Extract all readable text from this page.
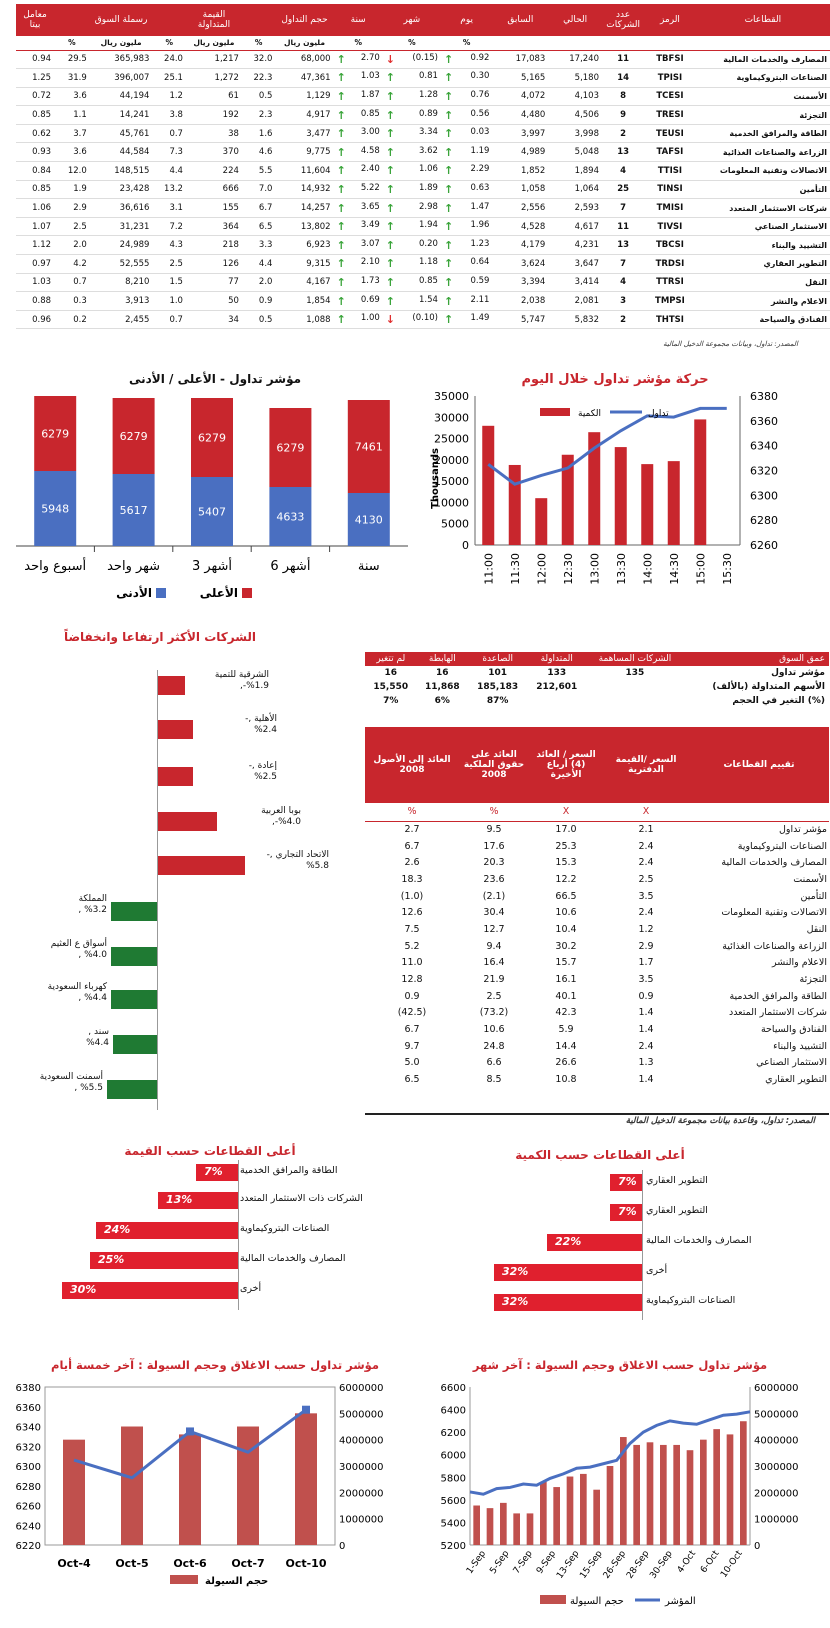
معامل بيتا		رسملة السوق		القيمة المتداولة		حجم التداول	سنة	شهر	يوم	السابق	الحالي	عدد الشركات	الرمز	القطاعات
	%	مليون ريال	%	مليون ريال	%	مليون ريال	%	%	%					
0.94	29.5	365,983	24.0	1,217	32.0	68,000	↑ 2.70	↓ (0.15)	↑ 0.92	17,083	17,240	11	TBFSI	المصارف والخدمات المالية
1.25	31.9	396,007	25.1	1,272	22.3	47,361	↑ 1.03	↑ 0.81	↑ 0.30	5,165	5,180	14	TPISI	الصناعات البتروكيماوية
0.72	3.6	44,194	1.2	61	0.5	1,129	↑ 1.87	↑ 1.28	↑ 0.76	4,072	4,103	8	TCESI	الأسمنت
0.85	1.1	14,241	3.8	192	2.3	4,917	↑ 0.85	↑ 0.89	↑ 0.56	4,480	4,506	9	TRESI	التجزئة
0.62	3.7	45,761	0.7	38	1.6	3,477	↑ 3.00	↑ 3.34	↑ 0.03	3,997	3,998	2	TEUSI	الطاقة والمرافق الخدمية
0.93	3.6	44,584	7.3	370	4.6	9,775	↑ 4.58	↑ 3.62	↑ 1.19	4,989	5,048	13	TAFSI	الزراعة والصناعات الغذائية
0.84	12.0	148,515	4.4	224	5.5	11,604	↑ 2.40	↑ 1.06	↑ 2.29	1,852	1,894	4	TTISI	الاتصالات وتقنية المعلومات
0.85	1.9	23,428	13.2	666	7.0	14,932	↑ 5.22	↑ 1.89	↑ 0.63	1,058	1,064	25	TINSI	التأمين
1.06	2.9	36,616	3.1	155	6.7	14,257	↑ 3.65	↑ 2.98	↑ 1.47	2,556	2,593	7	TMISI	شركات الاستثمار المتعدد
1.07	2.5	31,231	7.2	364	6.5	13,802	↑ 3.49	↑ 1.94	↑ 1.96	4,528	4,617	11	TIVSI	الاستثمار الصناعي
1.12	2.0	24,989	4.3	218	3.3	6,923	↑ 3.07	↑ 0.20	↑ 1.23	4,179	4,231	13	TBCSI	التشييد والبناء
0.97	4.2	52,555	2.5	126	4.4	9,315	↑ 2.10	↑ 1.18	↑ 0.64	3,624	3,647	7	TRDSI	التطوير العقاري
1.03	0.7	8,210	1.5	77	2.0	4,167	↑ 1.73	↑ 0.85	↑ 0.59	3,394	3,414	4	TTRSI	النقل
0.88	0.3	3,913	1.0	50	0.9	1,854	↑ 0.69	↑ 1.54	↑ 2.11	2,038	2,081	3	TMPSI	الاعلام والنشر
0.96	0.2	2,455	0.7	34	0.5	1,088	↑ 1.00	↓ (0.10)	↑ 1.49	5,747	5,832	2	THTSI	الفنادق والسياحة
المصدر: تداول، وبيانات مجموعة الدخيل المالية
حركة مؤشر تداول خلال اليوم
0
5000
10000
15000
20000
25000
30000
35000
6260
6280
6300
6320
6340
6360
6380
11:00 11:30 12:00 12:30 13:00 13:30 14:00 14:30 15:00 15:30
Thousands
الكمية	تداول
مؤشر تداول - الأعلى / الأدنى
6279
5948
أسبوع واحد
6279
5617
شهر واحد
6279
5407
أشهر 3
6279
4633
أشهر 6
7461
4130
سنة
الأعلى
الأدنى
الشركات الأكثر ارتفاعا وانخفاضاً
الشرقية للتمية
%1.9-,
الأهلية ,-
%2.4
إعادة ,-
%2.5
بوبا العربية
%4.0-,
الاتحاد التجاري ,-
%5.8
المملكة
%3.2 ,
أسواق ع العثيم
%4.0 ,
كهرباء السعودية
%4.4 ,
سند ,
%4.4
أسمنت السعودية
%5.5 ,
لم تتغير	الهابطة	الصاعدة	المتداولة	الشركات المساهمة	عمق السوق
16	16	101	133	135	مؤشر تداول
15,550	11,868	185,183	212,601		الأسهم المتداولة (بالألف)
7%	6%	87%			التغير في الحجم (%)
العائد إلى الأصول 2008	العائد على حقوق الملكية 2008	السعر / العائد (4) أرباع الأخيرة	السعر /القيمة الدفترية	تقييم القطاعات
%	%	X	X	
2.7	9.5	17.0	2.1	مؤشر تداول
6.7	17.6	25.3	2.4	الصناعات البتروكيماوية
2.6	20.3	15.3	2.4	المصارف والخدمات المالية
18.3	23.6	12.2	2.5	الأسمنت
(1.0)	(2.1)	66.5	3.5	التأمين
12.6	30.4	10.6	2.4	الاتصالات وتقنية المعلومات
7.5	12.7	10.4	1.2	النقل
5.2	9.4	30.2	2.9	الزراعة والصناعات الغذائية
11.0	16.4	15.7	1.7	الاعلام والنشر
12.8	21.9	16.1	3.5	التجزئة
0.9	2.5	40.1	0.9	الطاقة والمرافق الخدمية
(42.5)	(73.2)	42.3	1.4	شركات الاستثمار المتعدد
6.7	10.6	5.9	1.4	الفنادق والسياحة
9.7	24.8	14.4	2.4	التشييد والبناء
5.0	6.6	26.6	1.3	الاستثمار الصناعي
6.5	8.5	10.8	1.4	التطوير العقاري
المصدر: تداول، وقاعدة بيانات مجموعة الدخيل المالية
أعلى القطاعات حسب القيمة
7% الطاقة والمرافق الخدمية
13%	الشركات ذات الاستثمار المتعدد
24%	الصناعات البتروكيماوية
25%	المصارف والخدمات المالية
30%	أخرى
أعلى القطاعات حسب الكمية
7% التطوير العقاري
7% التطوير العقاري
22%	المصارف والخدمات المالية
32%	أخرى
32%	الصناعات البتروكيماوية
مؤشر تداول حسب الاغلاق وحجم السيولة : آخر خمسة أيام
6220
6240
6260
6280
6300
6320
6340
6360
6380
0
1000000
2000000
3000000
4000000
5000000
6000000
Oct-4 Oct-5 Oct-6 Oct-7 Oct-10
حجم السيولة
مؤشر تداول حسب الاغلاق وحجم السيولة : آخر شهر
5200
5400
5600
5800
6000
6200
6400
6600
0
1000000
2000000
3000000
4000000
5000000
6000000
1-Sep 5-Sep 7-Sep 9-Sep
13-Sep
15-Sep
26-Sep
28-Sep
30-Sep 4-Oct 6-Oct
10-Oct
حجم السيولة	المؤشر
